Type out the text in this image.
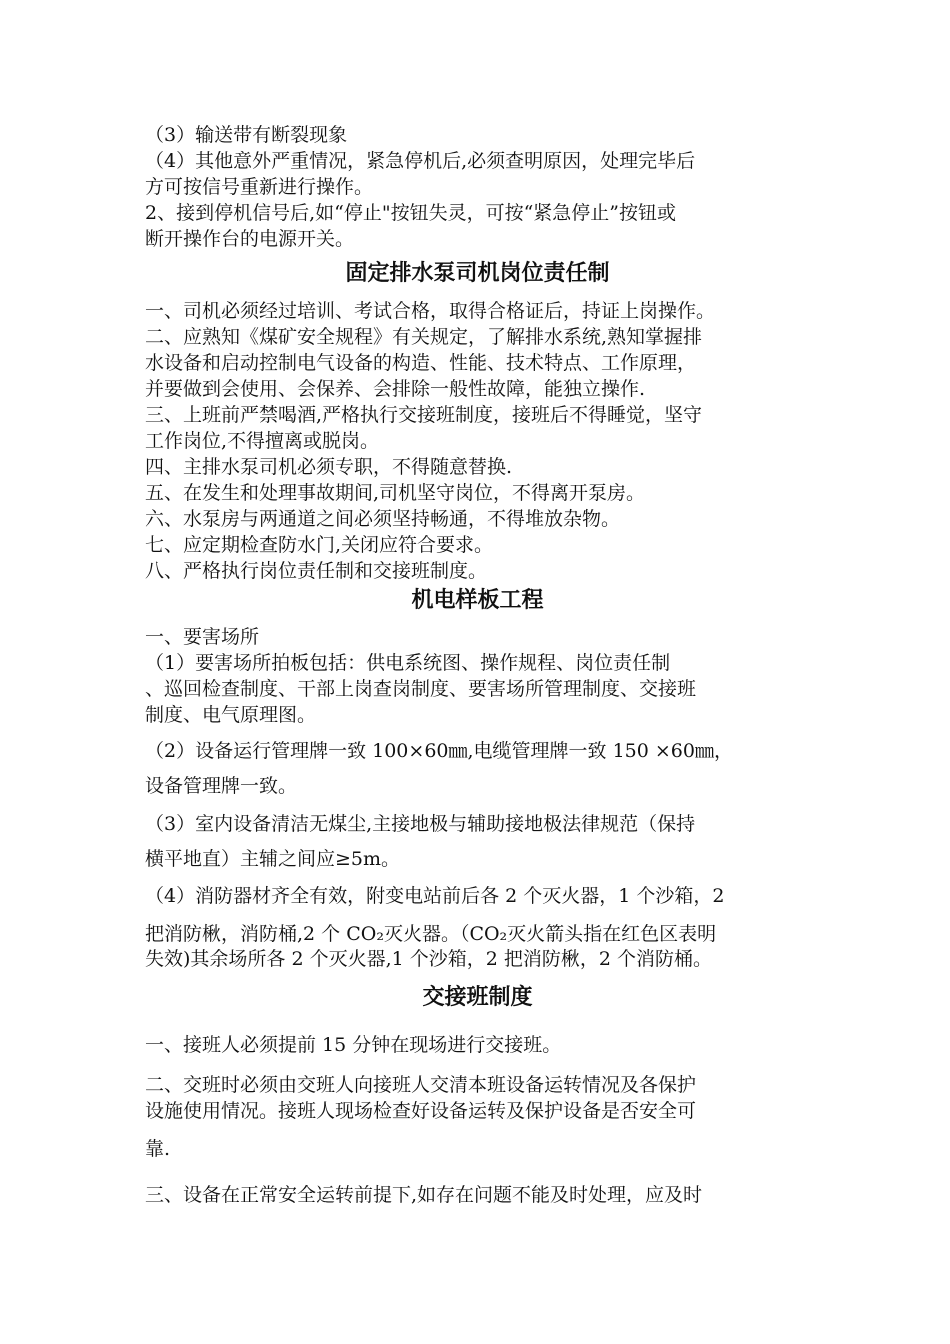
（3）输送带有断裂现象
（4）其他意外严重情况，紧急停机后,必须查明原因，处理完毕后
方可按信号重新进行操作。
2、接到停机信号后,如“停止"按钮失灵，可按“紧急停止”按钮或
断开操作台的电源开关。
固定排水泵司机岗位责任制
一、司机必须经过培训、考试合格，取得合格证后，持证上岗操作。
二、应熟知《煤矿安全规程》有关规定，了解排水系统,熟知掌握排
水设备和启动控制电气设备的构造、性能、技术特点、工作原理，
并要做到会使用、会保养、会排除一般性故障，能独立操作.
三、上班前严禁喝酒,严格执行交接班制度，接班后不得睡觉，坚守
工作岗位,不得擅离或脱岗。
四、主排水泵司机必须专职，不得随意替换.
五、在发生和处理事故期间,司机坚守岗位，不得离开泵房。
六、水泵房与两通道之间必须坚持畅通，不得堆放杂物。
七、应定期检查防水门,关闭应符合要求。
八、严格执行岗位责任制和交接班制度。
机电样板工程
一、要害场所
（1）要害场所拍板包括：供电系统图、操作规程、岗位责任制
、巡回检查制度、干部上岗查岗制度、要害场所管理制度、交接班
制度、电气原理图。
（2）设备运行管理牌一致 100×60㎜,电缆管理牌一致 150 ×60㎜，
设备管理牌一致。
（3）室内设备清洁无煤尘,主接地极与辅助接地极法律规范（保持
横平地直）主辅之间应≥5m。
（4）消防器材齐全有效，附变电站前后各 2 个灭火器，1 个沙箱，2
把消防楸，消防桶,2 个 CO₂灭火器。（CO₂灭火箭头指在红色区表明
失效)其余场所各 2 个灭火器,1 个沙箱，2 把消防楸，2 个消防桶。
交接班制度
一、接班人必须提前 15 分钟在现场进行交接班。
二、交班时必须由交班人向接班人交清本班设备运转情况及各保护
设施使用情况。接班人现场检查好设备运转及保护设备是否安全可
靠.
三、设备在正常安全运转前提下,如存在问题不能及时处理，应及时
